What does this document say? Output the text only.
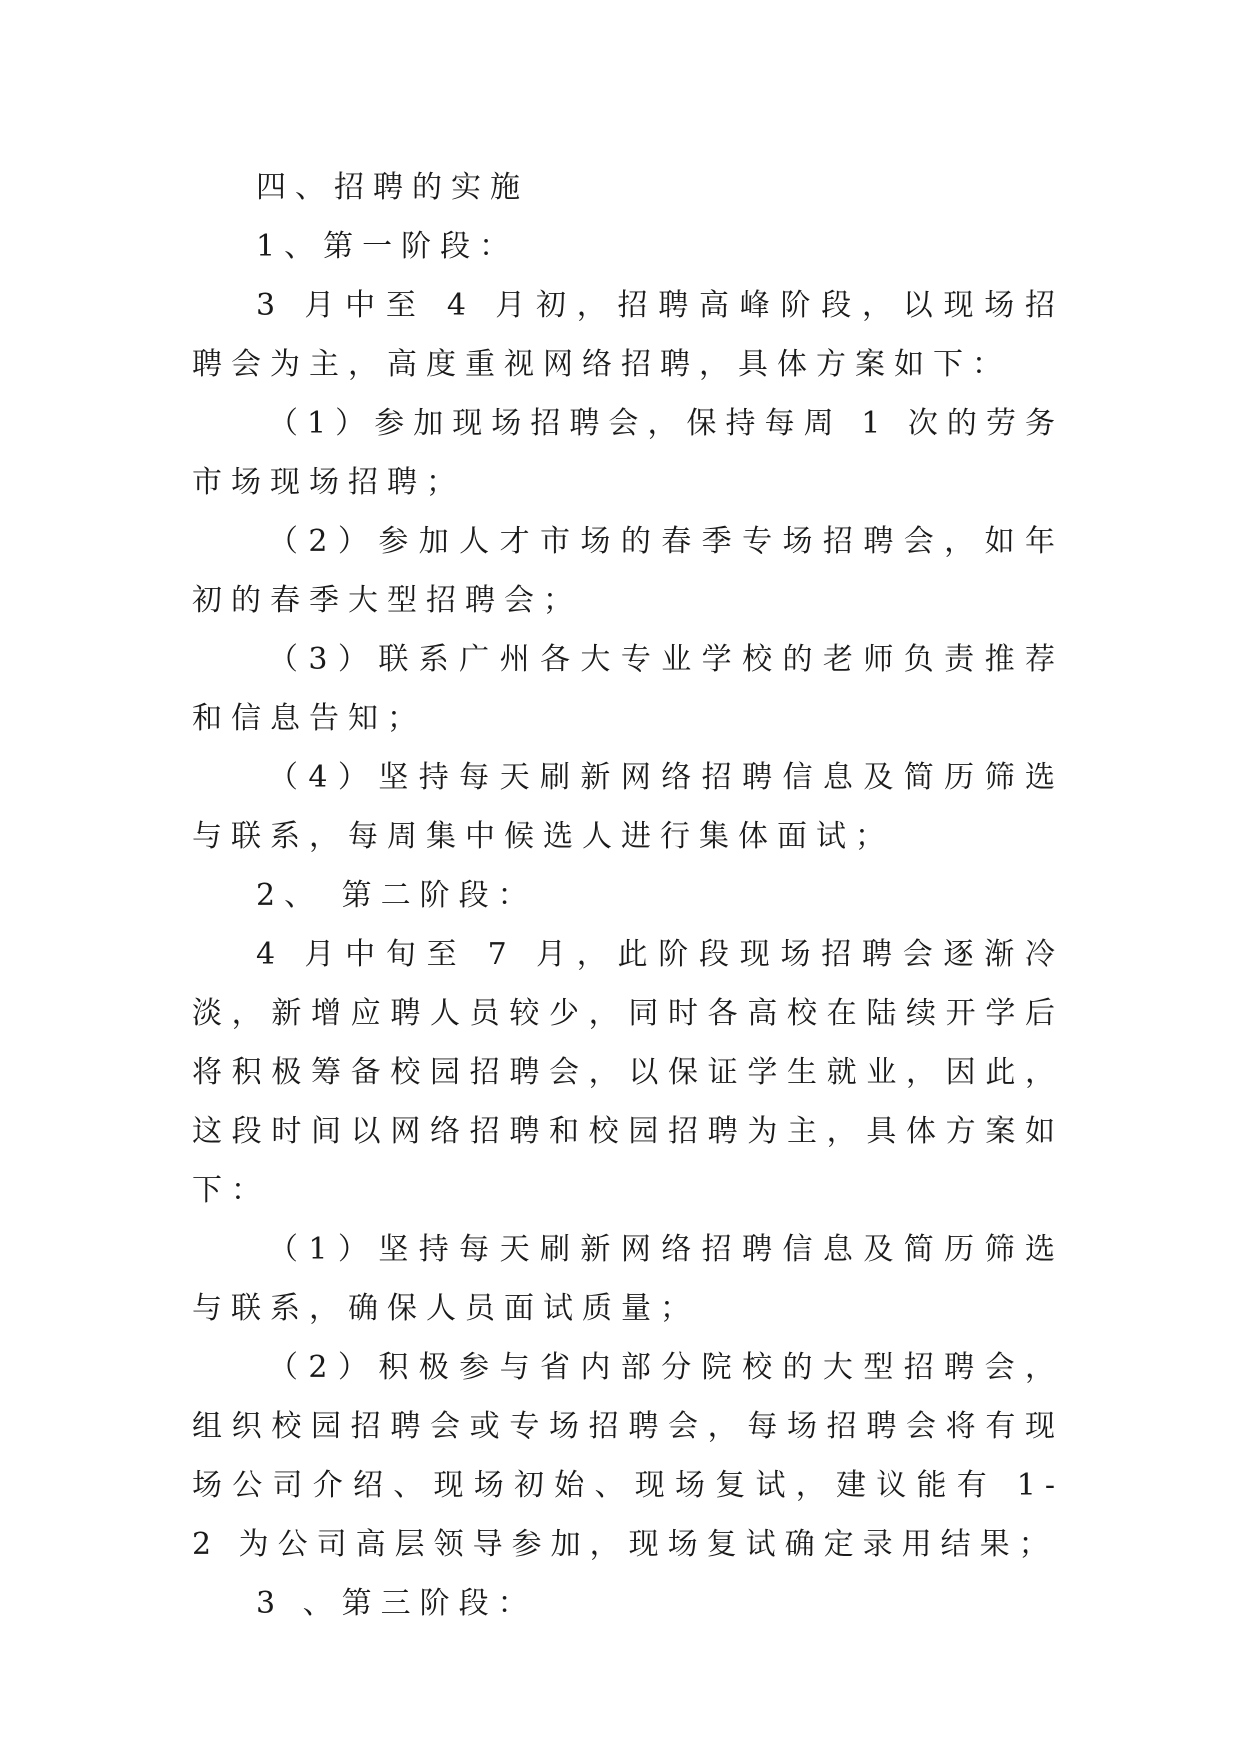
四、招聘的实施

1、第一阶段：

3 月中至 4 月初，招聘高峰阶段，以现场招聘会为主，高度重视网络招聘，具体方案如下：

（1）参加现场招聘会，保持每周 1 次的劳务市场现场招聘；

（2）参加人才市场的春季专场招聘会，如年初的春季大型招聘会；

（3）联系广州各大专业学校的老师负责推荐和信息告知；

（4）坚持每天刷新网络招聘信息及简历筛选与联系，每周集中候选人进行集体面试；

2、 第二阶段：

4 月中旬至 7 月，此阶段现场招聘会逐渐冷淡，新增应聘人员较少，同时各高校在陆续开学后将积极筹备校园招聘会，以保证学生就业，因此，这段时间以网络招聘和校园招聘为主，具体方案如下：

（1）坚持每天刷新网络招聘信息及简历筛选与联系，确保人员面试质量；

（2）积极参与省内部分院校的大型招聘会，组织校园招聘会或专场招聘会，每场招聘会将有现场公司介绍、现场初始、现场复试，建议能有 1-2 为公司高层领导参加，现场复试确定录用结果；

3 、第三阶段：
